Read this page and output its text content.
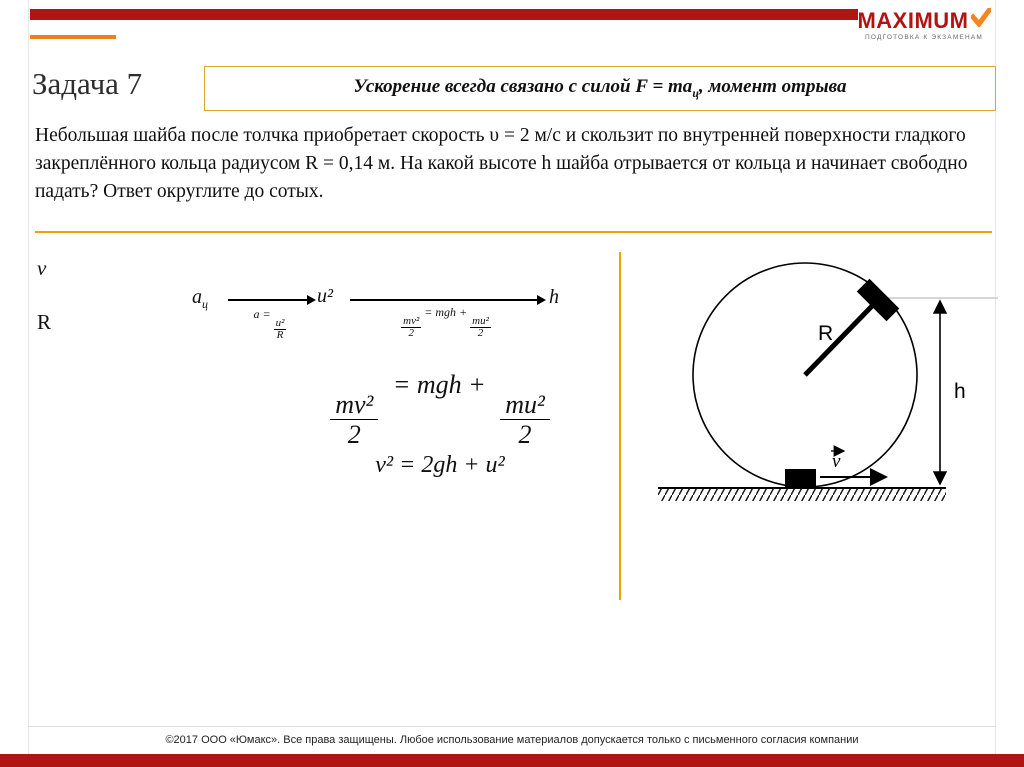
MAXIMUM
ПОДГОТОВКА К ЭКЗАМЕНАМ
Задача 7	Ускорение всегда связано с силой $F = ma_ц$, момент отрыва
Небольшая шайба после толчка приобретает скорость υ = 2 м/с и скользит по внутренней поверхности гладкого закреплённого кольца радиусом R = 0,14 м. На какой высоте h шайба отрывается от кольца и начинает свободно падать? Ответ округлите до сотых.
v
R
$a_ц$
a =
$\frac{\text{u²}}{R}$
u²
$\frac{\text{mv²}}{2}$
= mgh +
$\frac{\text{mu²}}{2}$
h
$\frac{\text{mv²}}{2}$
= mgh +
$\frac{\text{mu²}}{2}$
v² = 2gh + u²
R
h
v
©2017 ООО «Юмакс». Все права защищены. Любое использование материалов допускается только с письменного согласия компании
